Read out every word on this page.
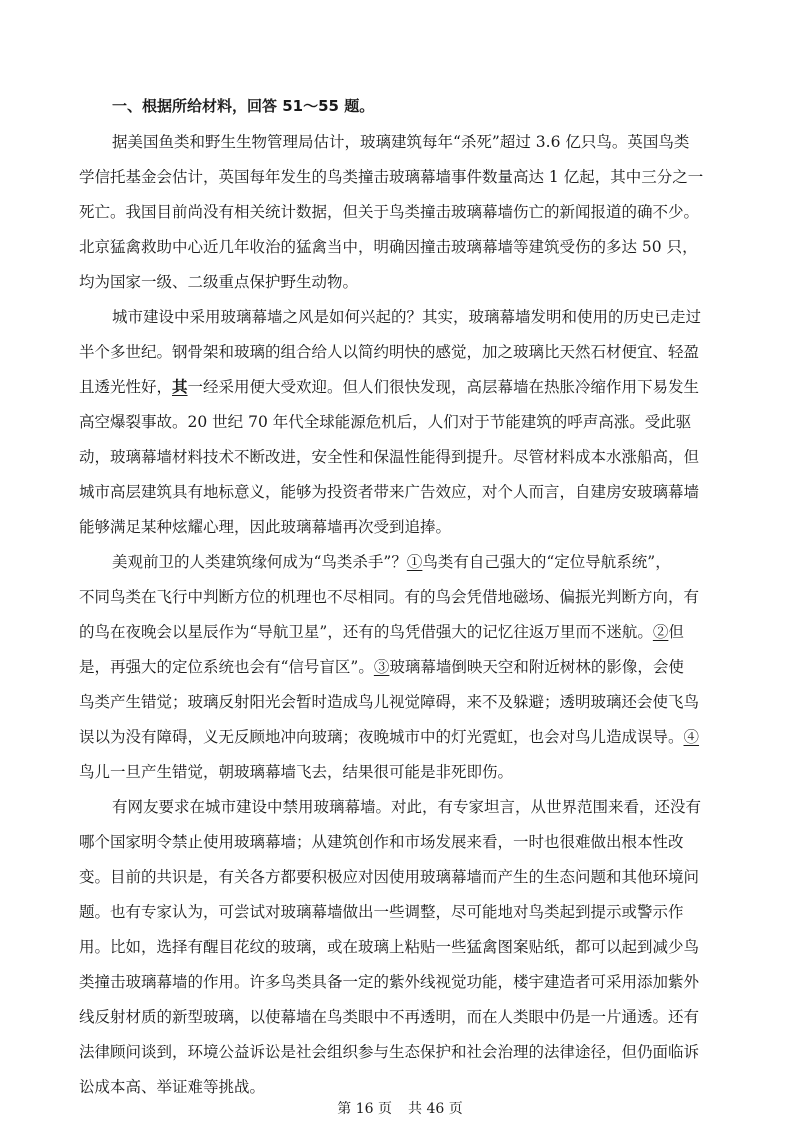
一、根据所给材料，回答 51～55 题。
据美国鱼类和野生生物管理局估计，玻璃建筑每年“杀死”超过 3.6 亿只鸟。英国鸟类
学信托基金会估计，英国每年发生的鸟类撞击玻璃幕墙事件数量高达 1 亿起，其中三分之一
死亡。我国目前尚没有相关统计数据，但关于鸟类撞击玻璃幕墙伤亡的新闻报道的确不少。
北京猛禽救助中心近几年收治的猛禽当中，明确因撞击玻璃幕墙等建筑受伤的多达 50 只，
均为国家一级、二级重点保护野生动物。
城市建设中采用玻璃幕墙之风是如何兴起的？其实，玻璃幕墙发明和使用的历史已走过
半个多世纪。钢骨架和玻璃的组合给人以简约明快的感觉，加之玻璃比天然石材便宜、轻盈
且透光性好，其一经采用便大受欢迎。但人们很快发现，高层幕墙在热胀冷缩作用下易发生
高空爆裂事故。20 世纪 70 年代全球能源危机后，人们对于节能建筑的呼声高涨。受此驱
动，玻璃幕墙材料技术不断改进，安全性和保温性能得到提升。尽管材料成本水涨船高，但
城市高层建筑具有地标意义，能够为投资者带来广告效应，对个人而言，自建房安玻璃幕墙
能够满足某种炫耀心理，因此玻璃幕墙再次受到追捧。
美观前卫的人类建筑缘何成为“鸟类杀手”？①鸟类有自己强大的“定位导航系统”，
不同鸟类在飞行中判断方位的机理也不尽相同。有的鸟会凭借地磁场、偏振光判断方向，有
的鸟在夜晚会以星辰作为“导航卫星”，还有的鸟凭借强大的记忆往返万里而不迷航。②但
是，再强大的定位系统也会有“信号盲区”。③玻璃幕墙倒映天空和附近树林的影像，会使
鸟类产生错觉；玻璃反射阳光会暂时造成鸟儿视觉障碍，来不及躲避；透明玻璃还会使飞鸟
误以为没有障碍，义无反顾地冲向玻璃；夜晚城市中的灯光霓虹，也会对鸟儿造成误导。④
鸟儿一旦产生错觉，朝玻璃幕墙飞去，结果很可能是非死即伤。
有网友要求在城市建设中禁用玻璃幕墙。对此，有专家坦言，从世界范围来看，还没有
哪个国家明令禁止使用玻璃幕墙；从建筑创作和市场发展来看，一时也很难做出根本性改
变。目前的共识是，有关各方都要积极应对因使用玻璃幕墙而产生的生态问题和其他环境问
题。也有专家认为，可尝试对玻璃幕墙做出一些调整，尽可能地对鸟类起到提示或警示作
用。比如，选择有醒目花纹的玻璃，或在玻璃上粘贴一些猛禽图案贴纸，都可以起到减少鸟
类撞击玻璃幕墙的作用。许多鸟类具备一定的紫外线视觉功能，楼宇建造者可采用添加紫外
线反射材质的新型玻璃，以使幕墙在鸟类眼中不再透明，而在人类眼中仍是一片通透。还有
法律顾问谈到，环境公益诉讼是社会组织参与生态保护和社会治理的法律途径，但仍面临诉
讼成本高、举证难等挑战。
第 16 页 共 46 页
